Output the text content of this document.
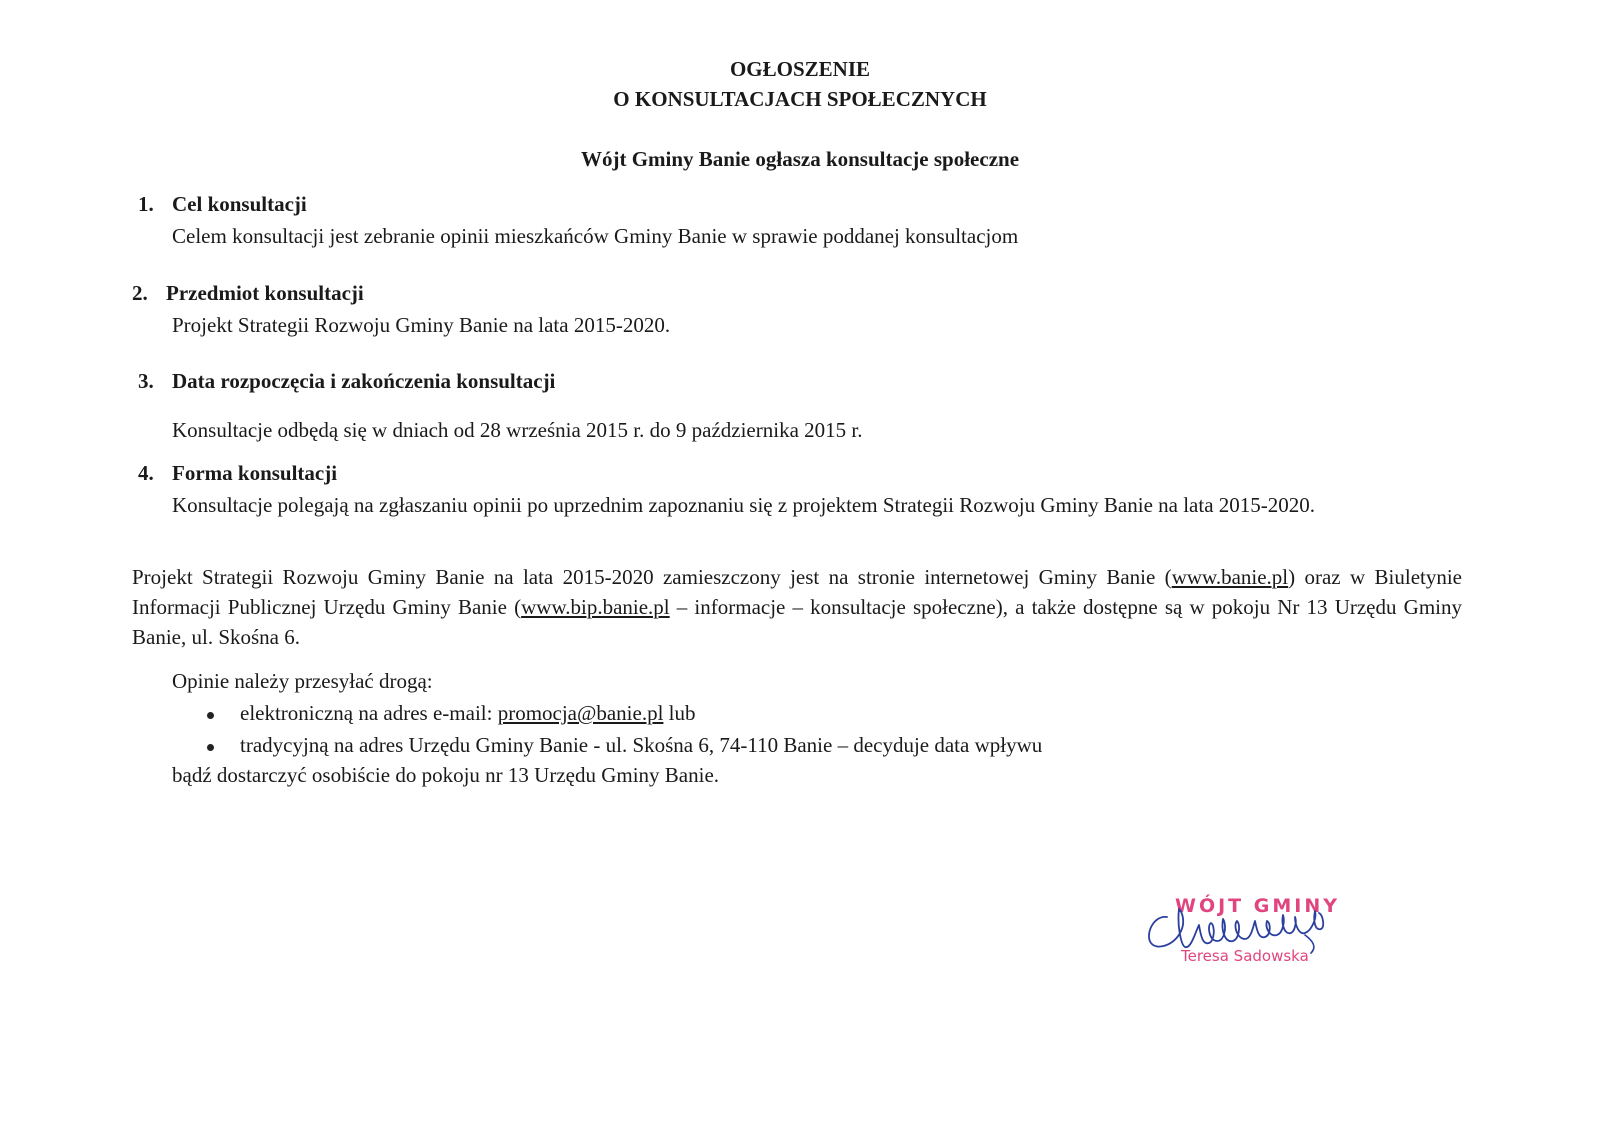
OGŁOSZENIE

O KONSULTACJACH SPOŁECZNYCH

Wójt Gminy Banie ogłasza konsultacje społeczne

1. Cel konsultacji
Celem konsultacji jest zebranie opinii mieszkańców Gminy Banie w sprawie poddanej konsultacjom
2. Przedmiot konsultacji
Projekt Strategii Rozwoju Gminy Banie na lata 2015-2020.
3. Data rozpoczęcia i zakończenia konsultacji
Konsultacje odbędą się w dniach od 28 września 2015 r. do 9 października 2015 r.
4. Forma konsultacji
Konsultacje polegają na zgłaszaniu opinii po uprzednim zapoznaniu się z projektem Strategii Rozwoju Gminy Banie na lata 2015-2020.

Projekt Strategii Rozwoju Gminy Banie na lata 2015-2020 zamieszczony jest na stronie internetowej Gminy Banie (www.banie.pl) oraz w Biuletynie Informacji Publicznej Urzędu Gminy Banie (www.bip.banie.pl – informacje – konsultacje społeczne), a także dostępne są w pokoju Nr 13 Urzędu Gminy Banie, ul. Skośna 6.

Opinie należy przesyłać drogą:
elektroniczną na adres e-mail: promocja@banie.pl lub
tradycyjną na adres Urzędu Gminy Banie - ul. Skośna 6, 74-110 Banie – decyduje data wpływu
bądź dostarczyć osobiście do pokoju nr 13 Urzędu Gminy Banie.
WÓJT GMINY
Teresa Sadowska
